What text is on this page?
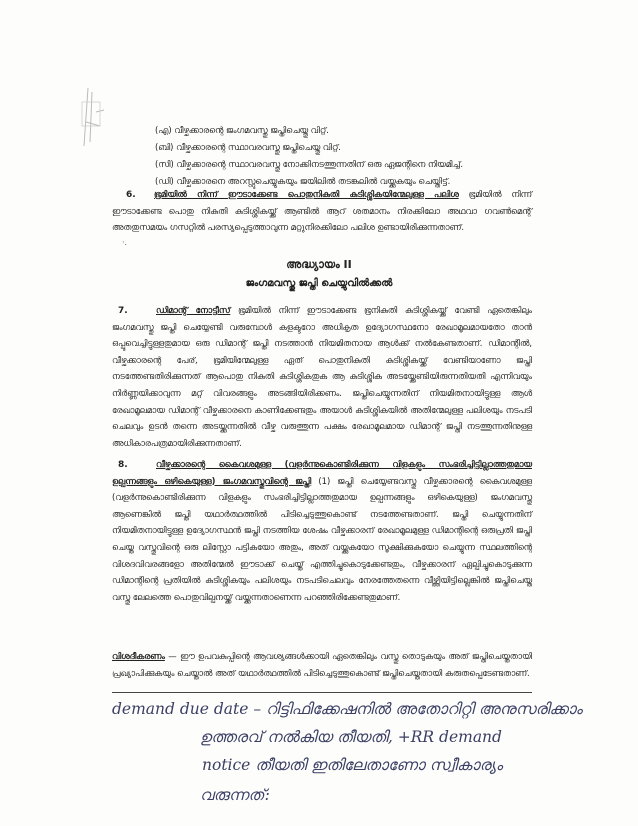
(എ) വീഴ്ചക്കാരന്റെ ജംഗമവസ്തു ജപ്തിചെയ്തു വിറ്റ്.
(ബി) വീഴ്ചക്കാരന്റെ സ്ഥാവരവസ്തു ജപ്തിചെയ്തു വിറ്റ്.
(സി) വീഴ്ചക്കാരന്റെ സ്ഥാവരവസ്തു നോക്കിനടത്തുന്നതിന് ഒരു ഏജന്റിനെ നിയമിച്ച്.
(ഡി) വീഴ്ചക്കാരനെ അറസ്റ്റുചെയ്യുകയും ജയിലിൽ തടങ്കലിൽ വയ്ക്കുകയും ചെയ്തിട്ട്.
6.	ഭൂമിയിൽ നിന്ന് ഈടാക്കേണ്ട പൊതുനികുതി കുടിശ്ശികയിന്മേലുള്ള പലിശ ഭൂമിയിൽ നിന്ന് ഈടാക്കേണ്ട പൊതു നികുതി കുടിശ്ശികയ്ക്ക് ആണ്ടിൽ ആറ് ശതമാനം നിരക്കിലോ അഥവാ ഗവൺമെന്റ് അതതുസമയം ഗസറ്റിൽ പരസ്യപ്പെടുത്താവുന്ന മറ്റുനിരക്കിലോ പലിശ ഉണ്ടായിരിക്കുന്നതാണ്.
·.
അദ്ധ്യായം II
ജംഗമവസ്തു ജപ്തി ചെയ്യുവിൽക്കൽ
7.	ഡിമാന്റ് നോട്ടീസ് ഭൂമിയിൽ നിന്ന് ഈടാക്കേണ്ട ഭൂനികുതി കുടിശ്ശികയ്ക്ക് വേണ്ടി ഏതെങ്കിലും ജംഗമവസ്തു ജപ്തി ചെയ്യേണ്ടി വരുമ്പോൾ കളക്ടറോ അധികൃത ഉദ്യോഗസ്ഥനോ രേഖാമൂലമായതോ താൻ ഒപ്പുവെച്ചിട്ടുള്ളതുമായ ഒരു ഡിമാന്റ് ജപ്തി നടത്താൻ നിയമിതനായ ആൾക്ക് നൽകേണ്ടതാണ്. ഡിമാന്റിൽ, വീഴ്ചക്കാരന്റെ പേര്, ഭൂമിയിന്മേലുള്ള ഏത് പൊതുനികുതി കുടിശ്ശികയ്ക്ക് വേണ്ടിയാണോ ജപ്തി നടത്തേണ്ടതിരിക്കുന്നത് ആപൊതു നികുതി കുടിശ്ശികതുക ആ കുടിശ്ശിക അടയ്ക്കേണ്ടിയിരുന്നതിയതി എന്നിവയും നിർണ്ണയിക്കാവുന്ന മറ്റ് വിവരങ്ങളും അടങ്ങിയിരിക്കണം. ജപ്തിചെയ്യുന്നതിന് നിയമിതനായിട്ടുള്ള ആൾ രേഖാമൂലമായ ഡിമാന്റ് വീഴ്ചക്കാരനെ കാണിക്കേണ്ടതും അയാൾ കുടിശ്ശികയിൽ അതിന്മേലുള്ള പലിശയും നടപടി ചെലവും ഉടൻ തന്നെ അടയ്ക്കുന്നതിൽ വീഴ്ച വരുത്തുന്ന പക്ഷം രേഖാമൂലമായ ഡിമാന്റ് ജപ്തി നടത്തുന്നതിനുള്ള അധികാരപത്രമായിരിക്കുന്നതാണ്.
8.	വീഴ്ചക്കാരന്റെ കൈവശമുള്ള (വളർന്നുകൊണ്ടിരിക്കുന്ന വിളകളും സംഭരിച്ചിട്ടില്ലാത്തതുമായ ഉല്പന്നങ്ങളും ഒഴികെയുള്ള) ജംഗമവസ്തുവിന്റെ ജപ്തി (1) ജപ്തി ചെയ്യേണ്ടവസ്തു വീഴ്ചക്കാരന്റെ കൈവശമുള്ള (വളർന്നുകൊണ്ടിരിക്കുന്ന വിളകളും സംഭരിച്ചിട്ടില്ലാത്തതുമായ ഉല്പന്നങ്ങളും ഒഴികെയുള്ള) ജംഗമവസ്തു ആണെങ്കിൽ ജപ്തി യഥാർത്ഥത്തിൽ പിടിച്ചെടുത്തുകൊണ്ട് നടത്തേണ്ടതാണ്. ജപ്തി ചെയ്യുന്നതിന് നിയമിതനായിട്ടുള്ള ഉദ്യോഗസ്ഥൻ ജപ്തി നടത്തിയ ശേഷം വീഴ്ചക്കാരന് രേഖാമൂലമുള്ള ഡിമാന്റിന്റെ ഒരുപ്രതി ജപ്തി ചെയ്ത വസ്തുവിന്റെ ഒരു ലിസ്റ്റോ പട്ടികയോ അതും, അത് വയ്ക്കുകയോ സൂക്ഷിക്കുകയോ ചെയ്യുന്ന സ്ഥലത്തിന്റെ വിശദവിവരങ്ങളോ അതിന്മേൽ ഈടാക്ക് ചെയ്ത് എത്തിച്ചുകൊടുക്കേണ്ടതും, വീഴ്ചക്കാരന് ഏല്പിച്ചുകൊടുക്കുന്ന ഡിമാന്റിന്റെ പ്രതിയിൽ കുടിശ്ശികയും പലിശയും നടപടിചെലവും നേരത്തേതന്നെ വീഴ്ത്തിയിട്ടില്ലെങ്കിൽ ജപ്തിചെയ്ത വസ്തു ലേലത്തെ പൊതുവില്പനയ്ക്ക് വയ്ക്കുന്നതാണെന്ന പറഞ്ഞിരിക്കേണ്ടതുമാണ്.
വിശദീകരണം — ഈ ഉപവകുപ്പിന്റെ ആവശ്യങ്ങൾക്കായി ഏതെങ്കിലും വസ്തു തൊടുകയും അത് ജപ്തിചെയ്തതായി പ്രഖ്യാപിക്കുകയും ചെയ്താൽ അത് യഥാർത്ഥത്തിൽ പിടിച്ചെടുത്തുകൊണ്ട് ജപ്തിചെയ്തതായി കരുതപ്പെടേണ്ടതാണ്.
demand due date – റിട്ടിഫിക്കേഷനിൽ അതോറിറ്റി അനുസരിക്കാം
ഉത്തരവ് നൽകിയ തീയതി, +RR demand
notice തീയതി ഇതിലേതാണോ സ്വീകാര്യം
വരുന്നത്:
